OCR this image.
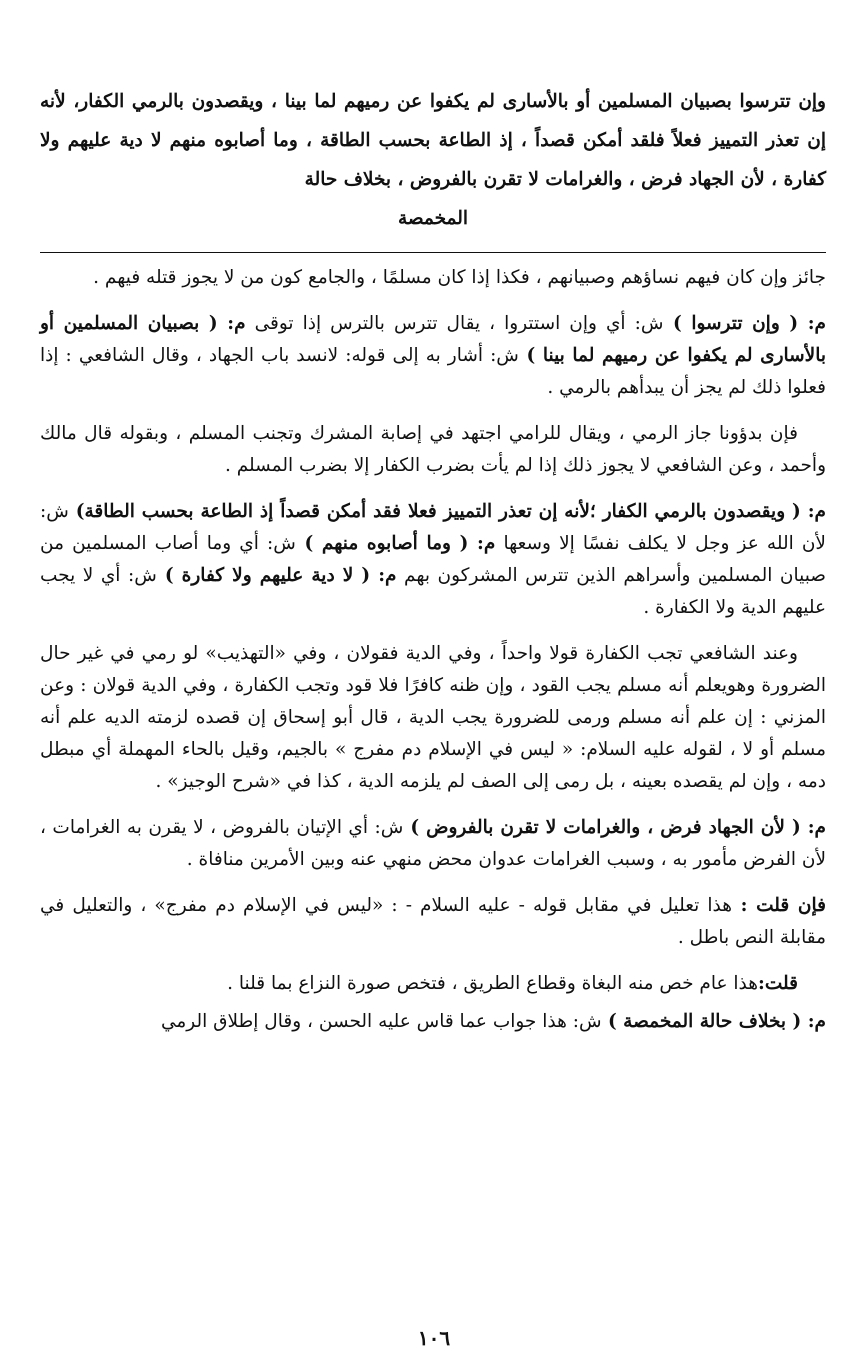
وإن تترسوا بصبيان المسلمين أو بالأسارى لم يكفوا عن رميهم لما بينا ، ويقصدون بالرمي الكفار، لأنه إن تعذر التمييز فعلاً فلقد أمكن قصداً ، إذ الطاعة بحسب الطاقة ، وما أصابوه منهم لا دية عليهم ولا كفارة ، لأن الجهاد فرض ، والغرامات لا تقرن بالفروض ، بخلاف حالة

المخمصة

جائز وإن كان فيهم نساؤهم وصبيانهم ، فكذا إذا كان مسلمًا ، والجامع كون من لا يجوز قتله فيهم .

م: ( وإن تترسوا ) ش: أي وإن استتروا ، يقال تترس بالترس إذا توقى م: ( بصبيان المسلمين أو بالأسارى لم يكفوا عن رميهم لما بينا ) ش: أشار به إلى قوله: لانسد باب الجهاد ، وقال الشافعي : إذا فعلوا ذلك لم يجز أن يبدأهم بالرمي .

فإن بدؤونا جاز الرمي ، ويقال للرامي اجتهد في إصابة المشرك وتجنب المسلم ، وبقوله قال مالك وأحمد ، وعن الشافعي لا يجوز ذلك إذا لم يأت بضرب الكفار إلا بضرب المسلم .

م: ( ويقصدون بالرمي الكفار ؛لأنه إن تعذر التمييز فعلا فقد أمكن قصداً إذ الطاعة بحسب الطاقة) ش: لأن الله عز وجل لا يكلف نفسًا إلا وسعها م: ( وما أصابوه منهم ) ش: أي وما أصاب المسلمين من صبيان المسلمين وأسراهم الذين تترس المشركون بهم م: ( لا دية عليهم ولا كفارة ) ش: أي لا يجب عليهم الدية ولا الكفارة .

وعند الشافعي تجب الكفارة قولا واحداً ، وفي الدية فقولان ، وفي «التهذيب» لو رمي في غير حال الضرورة وهويعلم أنه مسلم يجب القود ، وإن ظنه كافرًا فلا قود وتجب الكفارة ، وفي الدية قولان : وعن المزني : إن علم أنه مسلم ورمى للضرورة يجب الدية ، قال أبو إسحاق إن قصده لزمته الديه علم أنه مسلم أو لا ، لقوله عليه السلام: « ليس في الإسلام دم مفرج » بالجيم، وقيل بالحاء المهملة أي مبطل دمه ، وإن لم يقصده بعينه ، بل رمى إلى الصف لم يلزمه الدية ، كذا في «شرح الوجيز» .

م: ( لأن الجهاد فرض ، والغرامات لا تقرن بالفروض ) ش: أي الإتيان بالفروض ، لا يقرن به الغرامات ، لأن الفرض مأمور به ، وسبب الغرامات عدوان محض منهي عنه وبين الأمرين منافاة .

فإن قلت : هذا تعليل في مقابل قوله - عليه السلام - : «ليس في الإسلام دم مفرج» ، والتعليل في مقابلة النص باطل .

قلت:هذا عام خص منه البغاة وقطاع الطريق ، فتخص صورة النزاع بما قلنا .

م: ( بخلاف حالة المخمصة ) ش: هذا جواب عما قاس عليه الحسن ، وقال إطلاق الرمي

١٠٦
